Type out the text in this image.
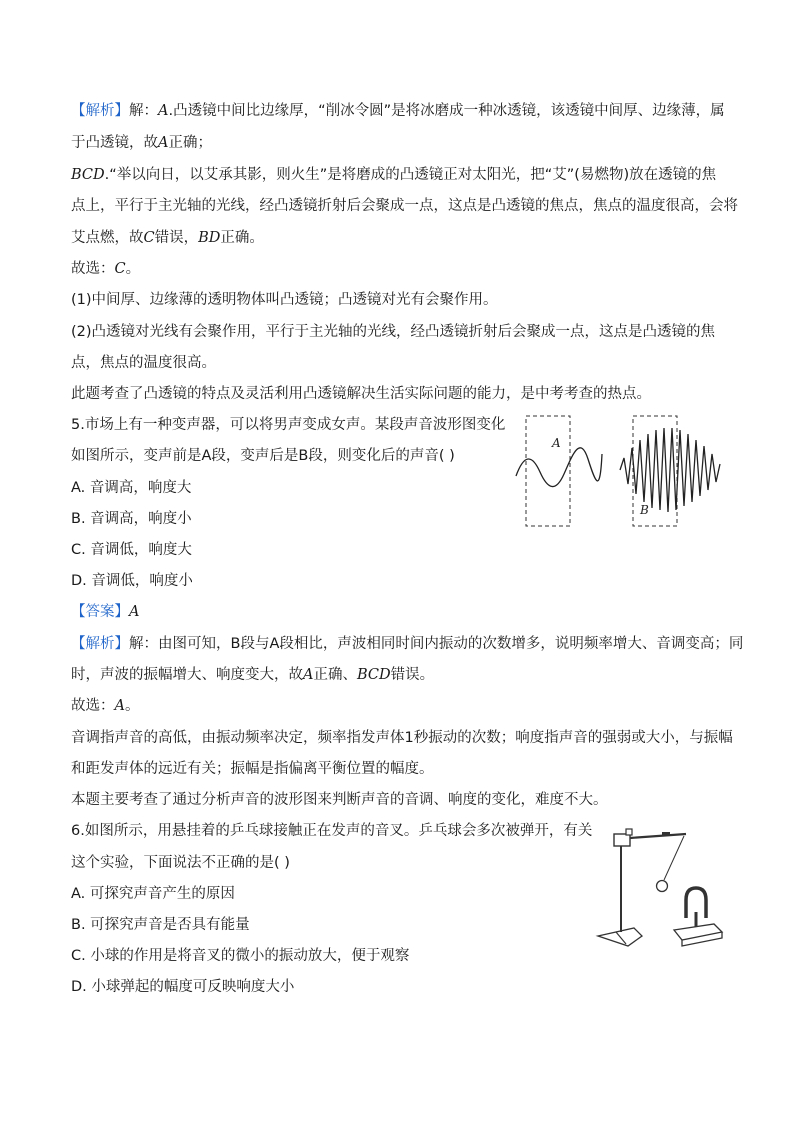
【解析】解：A.凸透镜中间比边缘厚，“削冰令圆”是将冰磨成一种冰透镜，该透镜中间厚、边缘薄，属
于凸透镜，故A正确；
BCD.“举以向日，以艾承其影，则火生”是将磨成的凸透镜正对太阳光，把“艾”(易燃物)放在透镜的焦
点上，平行于主光轴的光线，经凸透镜折射后会聚成一点，这点是凸透镜的焦点，焦点的温度很高，会将
艾点燃，故C错误，BD正确。
故选：C。
(1)中间厚、边缘薄的透明物体叫凸透镜；凸透镜对光有会聚作用。
(2)凸透镜对光线有会聚作用，平行于主光轴的光线，经凸透镜折射后会聚成一点，这点是凸透镜的焦
点，焦点的温度很高。
此题考查了凸透镜的特点及灵活利用凸透镜解决生活实际问题的能力，是中考考查的热点。
5.市场上有一种变声器，可以将男声变成女声。某段声音波形图变化
如图所示，变声前是A段，变声后是B段，则变化后的声音( )
A. 音调高，响度大
B. 音调高，响度小
C. 音调低，响度大
D. 音调低，响度小
A
B
【答案】A
【解析】解：由图可知，B段与A段相比，声波相同时间内振动的次数增多，说明频率增大、音调变高；同
时，声波的振幅增大、响度变大，故A正确、BCD错误。
故选：A。
音调指声音的高低，由振动频率决定，频率指发声体1秒振动的次数；响度指声音的强弱或大小，与振幅
和距发声体的远近有关；振幅是指偏离平衡位置的幅度。
本题主要考查了通过分析声音的波形图来判断声音的音调、响度的变化，难度不大。
6.如图所示，用悬挂着的乒乓球接触正在发声的音叉。乒乓球会多次被弹开，有关
这个实验，下面说法不正确的是( )
A. 可探究声音产生的原因
B. 可探究声音是否具有能量
C. 小球的作用是将音叉的微小的振动放大，便于观察
D. 小球弹起的幅度可反映响度大小
